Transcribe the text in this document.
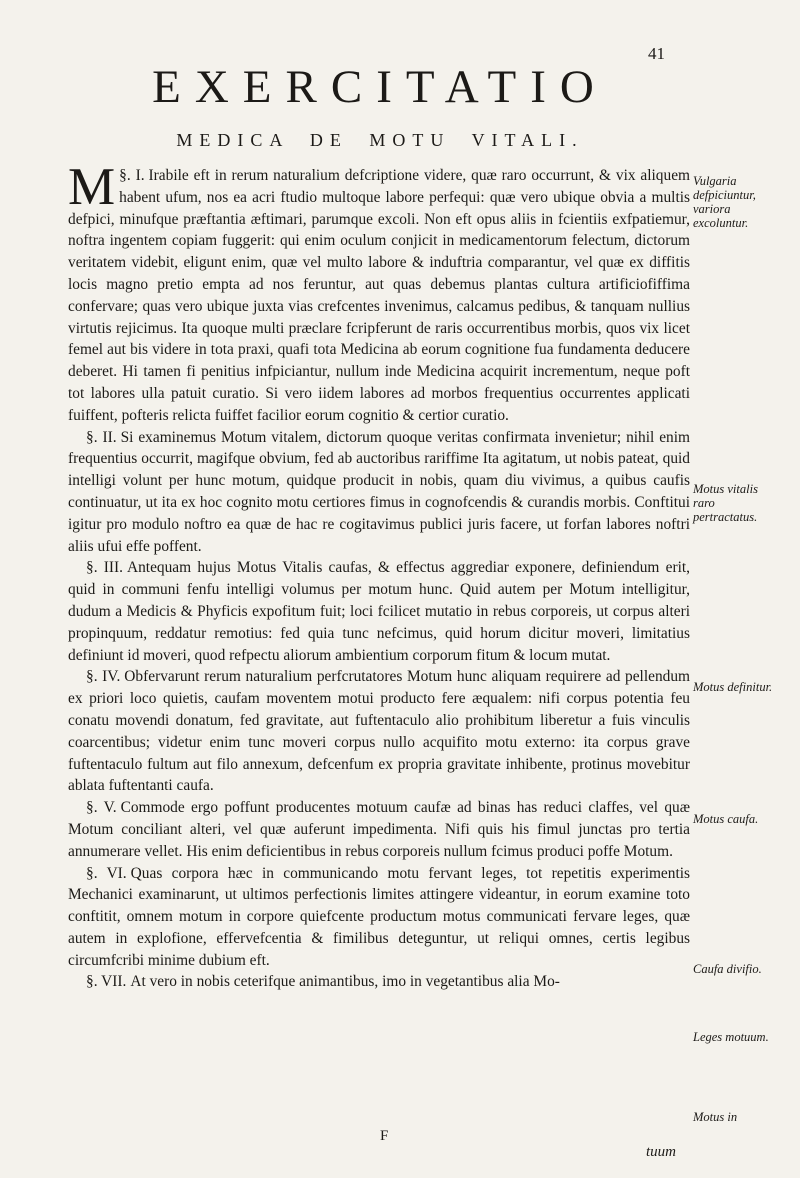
41
EXERCITATIO
MEDICA DE MOTU VITALI.

§. I.
M Irabile eft in rerum naturalium defcriptione videre, quæ raro occurrunt, & vix aliquem habent ufum, nos ea acri ftudio multoque labore perfequi: quæ vero ubique obvia a multis defpici, minufque præftantia æftimari, parumque excoli. Non eft opus aliis in fcientiis exfpatiemur, noftra ingentem copiam fuggerit: qui enim oculum conjicit in medicamentorum felectum, dictorum veritatem videbit, eligunt enim, quæ vel multo labore & induftria comparantur, vel quæ ex diffitis locis magno pretio empta ad nos feruntur, aut quas debemus plantas cultura artificiofiffima confervare; quas vero ubique juxta vias crefcentes invenimus, calcamus pedibus, & tanquam nullius virtutis rejicimus. Ita quoque multi præclare fcripferunt de raris occurrentibus morbis, quos vix licet femel aut bis videre in tota praxi, quafi tota Medicina ab eorum cognitione fua fundamenta deducere deberet. Hi tamen fi penitius infpiciantur, nullum inde Medicina acquirit incrementum, neque poft tot labores ulla patuit curatio. Si vero iidem labores ad morbos frequentius occurrentes applicati fuiffent, pofteris relicta fuiffet facilior eorum cognitio & certior curatio.

§. II. Si examinemus Motum vitalem, dictorum quoque veritas confirmata invenietur; nihil enim frequentius occurrit, magifque obvium, fed ab auctoribus rariffime Ita agitatum, ut nobis pateat, quid intelligi volunt per hunc motum, quidque producit in nobis, quam diu vivimus, a quibus caufis continuatur, ut ita ex hoc cognito motu certiores fimus in cognofcendis & curandis morbis. Conftitui igitur pro modulo noftro ea quæ de hac re cogitavimus publici juris facere, ut forfan labores noftri aliis ufui effe poffent.

§. III. Antequam hujus Motus Vitalis caufas, & effectus aggrediar exponere, definiendum erit, quid in communi fenfu intelligi volumus per motum hunc. Quid autem per Motum intelligitur, dudum a Medicis & Phyficis expofitum fuit; loci fcilicet mutatio in rebus corporeis, ut corpus alteri propinquum, reddatur remotius: fed quia tunc nefcimus, quid horum dicitur moveri, limitatius definiunt id moveri, quod refpectu aliorum ambientium corporum fitum & locum mutat.

§. IV. Obfervarunt rerum naturalium perfcrutatores Motum hunc aliquam requirere ad pellendum ex priori loco quietis, caufam moventem motui producto fere æqualem: nifi corpus potentia feu conatu movendi donatum, fed gravitate, aut fuftentaculo alio prohibitum liberetur a fuis vinculis coarcentibus; videtur enim tunc moveri corpus nullo acquifito motu externo: ita corpus grave fuftentaculo fultum aut filo annexum, defcenfum ex propria gravitate inhibente, protinus movebitur ablata fuftentanti caufa.

§. V. Commode ergo poffunt producentes motuum caufæ ad binas has reduci claffes, vel quæ Motum conciliant alteri, vel quæ auferunt impedimenta. Nifi quis his fimul junctas pro tertia annumerare vellet. His enim deficientibus in rebus corporeis nullum fcimus produci poffe Motum.

§. VI. Quas corpora hæc in communicando motu fervant leges, tot repetitis experimentis Mechanici examinarunt, ut ultimos perfectionis limites attingere videantur, in eorum examine toto conftitit, omnem motum in corpore quiefcente productum motus communicati fervare leges, quæ autem in explofione, effervefcentia & fimilibus deteguntur, ut reliqui omnes, certis legibus circumfcribi minime dubium eft.

§. VII. At vero in nobis ceterifque animantibus, imo in vegetantibus alia Mo-

Vulgaria defpiciuntur, variora excoluntur.
Motus vitalis raro pertractatus.
Motus definitur.
Motus caufa.
Caufa divifio.
Leges motuum.
Motus in
F
tuum
